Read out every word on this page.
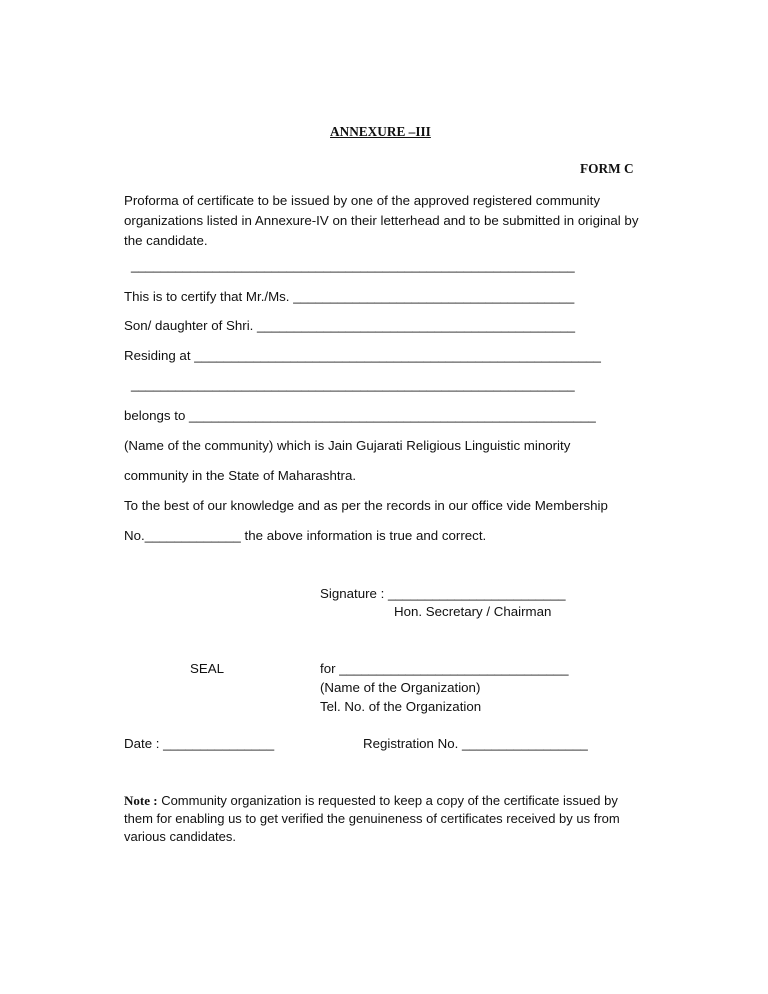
ANNEXURE –III
FORM C
Proforma of certificate to be issued by one of the approved registered community organizations listed in Annexure-IV on their letterhead and to be submitted in original by the candidate.
____________________________________________________________
This is to certify that Mr./Ms. ______________________________________
Son/ daughter of Shri. ___________________________________________
Residing at _______________________________________________________
____________________________________________________________
belongs to _______________________________________________________
(Name of the community) which is Jain Gujarati Religious Linguistic minority
community in the State of Maharashtra.
To the best of our knowledge and as per the records in our office vide Membership
No._____________ the above information is true and correct.
Signature : ________________________
Hon. Secretary / Chairman
SEAL	for _______________________________
(Name of the Organization)
Tel. No. of the Organization
Date : _______________	Registration No. _________________
Note : Community organization is requested to keep a copy of the certificate issued by them for enabling us to get verified the genuineness of certificates received by us from various candidates.
